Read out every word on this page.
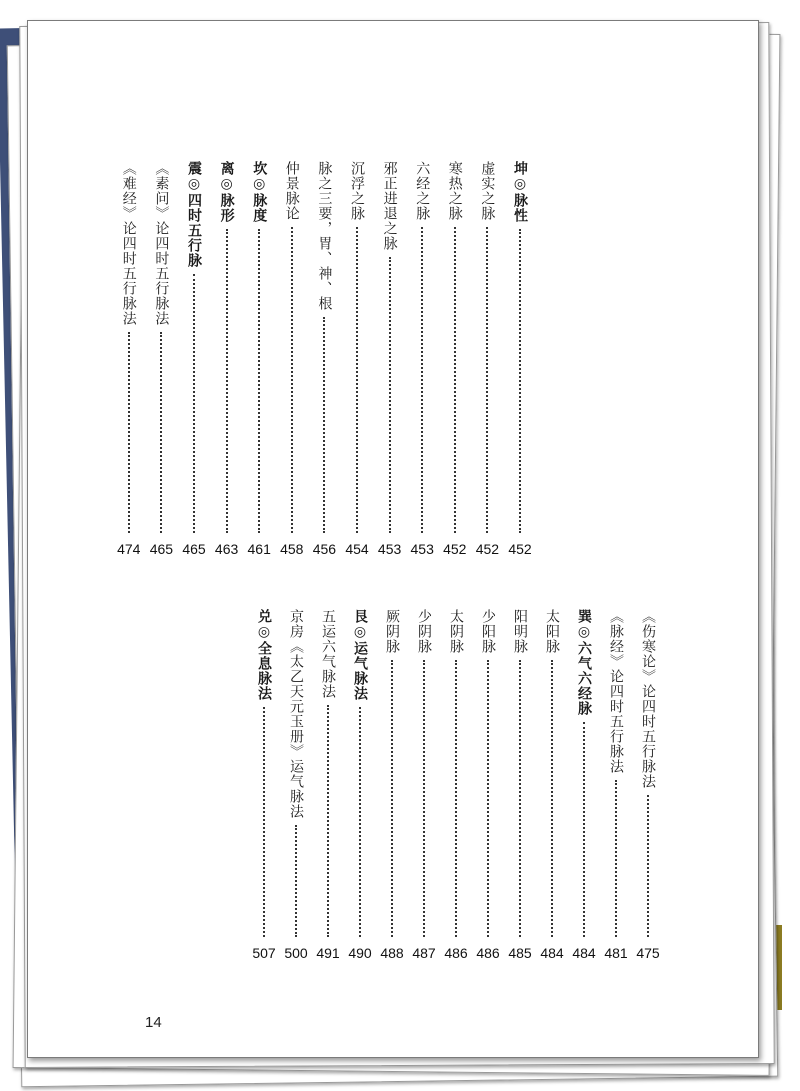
坤◎脉性
452
虚实之脉
452
寒热之脉
452
六经之脉
453
邪正进退之脉
453
沉浮之脉
454
脉之三要，胃、神、根
456
仲景脉论
458
坎◎脉度
461
离◎脉形
463
震◎四时五行脉
465
《素问》论四时五行脉法
465
《难经》论四时五行脉法
474
《伤寒论》论四时五行脉法
475
《脉经》论四时五行脉法
481
巽◎六气六经脉
484
太阳脉
484
阳明脉
485
少阳脉
486
太阴脉
486
少阴脉
487
厥阴脉
488
艮◎运气脉法
490
五运六气脉法
491
京房《太乙天元玉册》运气脉法
500
兑◎全息脉法
507
14
